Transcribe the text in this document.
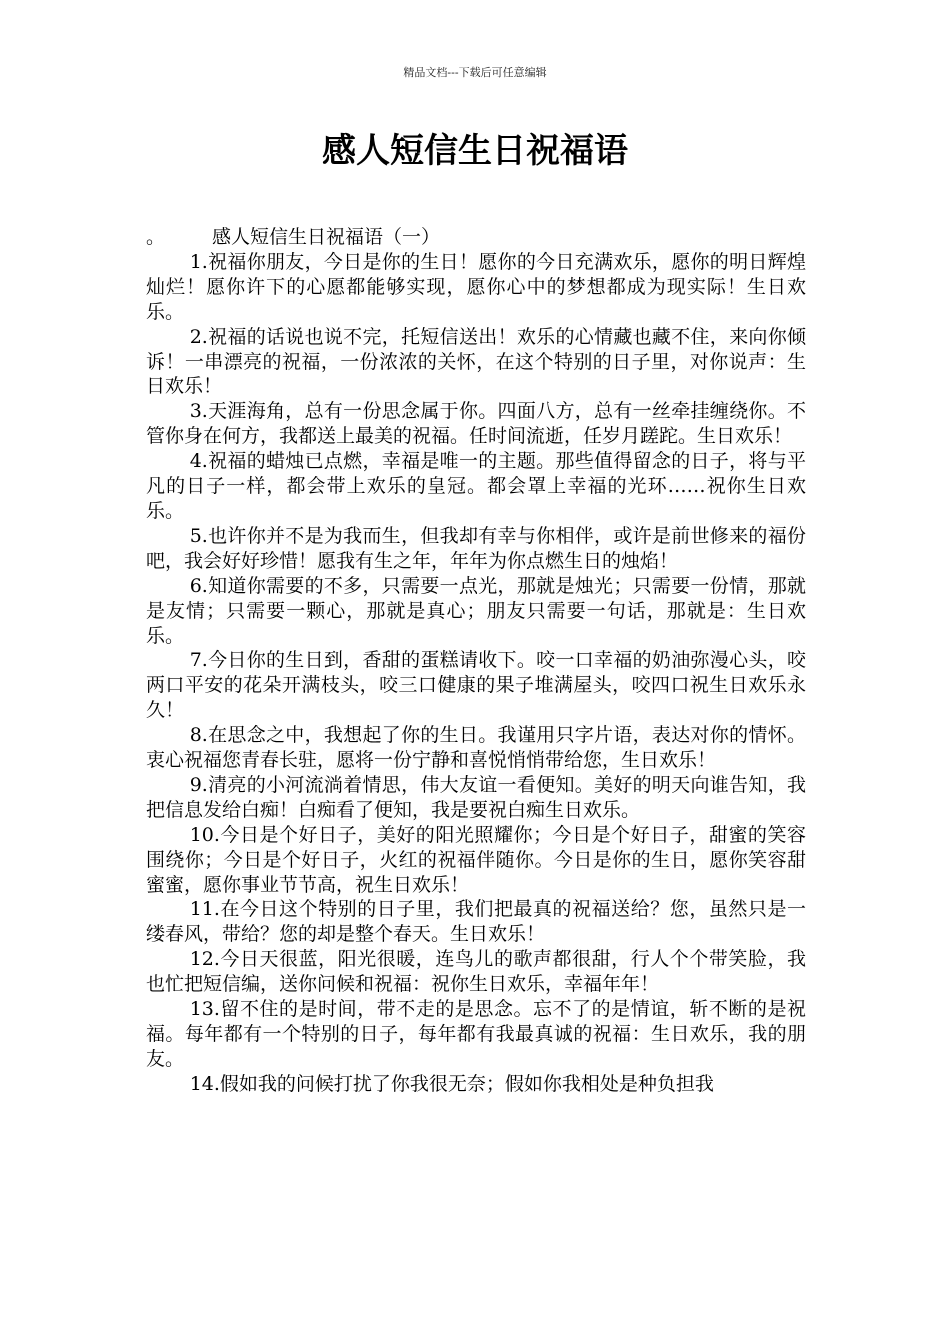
精品文档---下载后可任意编辑
感人短信生日祝福语
。	感人短信生日祝福语（一）

1.祝福你朋友，今日是你的生日！愿你的今日充满欢乐，愿你的明日辉煌灿烂！愿你许下的心愿都能够实现，愿你心中的梦想都成为现实际！生日欢乐。

2.祝福的话说也说不完，托短信送出！欢乐的心情藏也藏不住，来向你倾诉！一串漂亮的祝福，一份浓浓的关怀，在这个特别的日子里，对你说声：生日欢乐！

3.天涯海角，总有一份思念属于你。四面八方，总有一丝牵挂缠绕你。不管你身在何方，我都送上最美的祝福。任时间流逝，任岁月蹉跎。生日欢乐！

4.祝福的蜡烛已点燃，幸福是唯一的主题。那些值得留念的日子，将与平凡的日子一样，都会带上欢乐的皇冠。都会罩上幸福的光环……祝你生日欢乐。

5.也许你并不是为我而生，但我却有幸与你相伴，或许是前世修来的福份吧，我会好好珍惜！愿我有生之年，年年为你点燃生日的烛焰！

6.知道你需要的不多，只需要一点光，那就是烛光；只需要一份情，那就是友情；只需要一颗心，那就是真心；朋友只需要一句话，那就是：生日欢乐。

7.今日你的生日到，香甜的蛋糕请收下。咬一口幸福的奶油弥漫心头，咬两口平安的花朵开满枝头，咬三口健康的果子堆满屋头，咬四口祝生日欢乐永久！

8.在思念之中，我想起了你的生日。我谨用只字片语，表达对你的情怀。衷心祝福您青春长驻，愿将一份宁静和喜悦悄悄带给您，生日欢乐！

9.清亮的小河流淌着情思，伟大友谊一看便知。美好的明天向谁告知，我把信息发给白痴！白痴看了便知，我是要祝白痴生日欢乐。

10.今日是个好日子，美好的阳光照耀你；今日是个好日子，甜蜜的笑容围绕你；今日是个好日子，火红的祝福伴随你。今日是你的生日，愿你笑容甜蜜蜜，愿你事业节节高，祝生日欢乐！

11.在今日这个特别的日子里，我们把最真的祝福送给？您，虽然只是一缕春风，带给？您的却是整个春天。生日欢乐！

12.今日天很蓝，阳光很暖，连鸟儿的歌声都很甜，行人个个带笑脸，我也忙把短信编，送你问候和祝福：祝你生日欢乐，幸福年年！

13.留不住的是时间，带不走的是思念。忘不了的是情谊，斩不断的是祝福。每年都有一个特别的日子，每年都有我最真诚的祝福：生日欢乐，我的朋友。

14.假如我的问候打扰了你我很无奈；假如你我相处是种负担我
